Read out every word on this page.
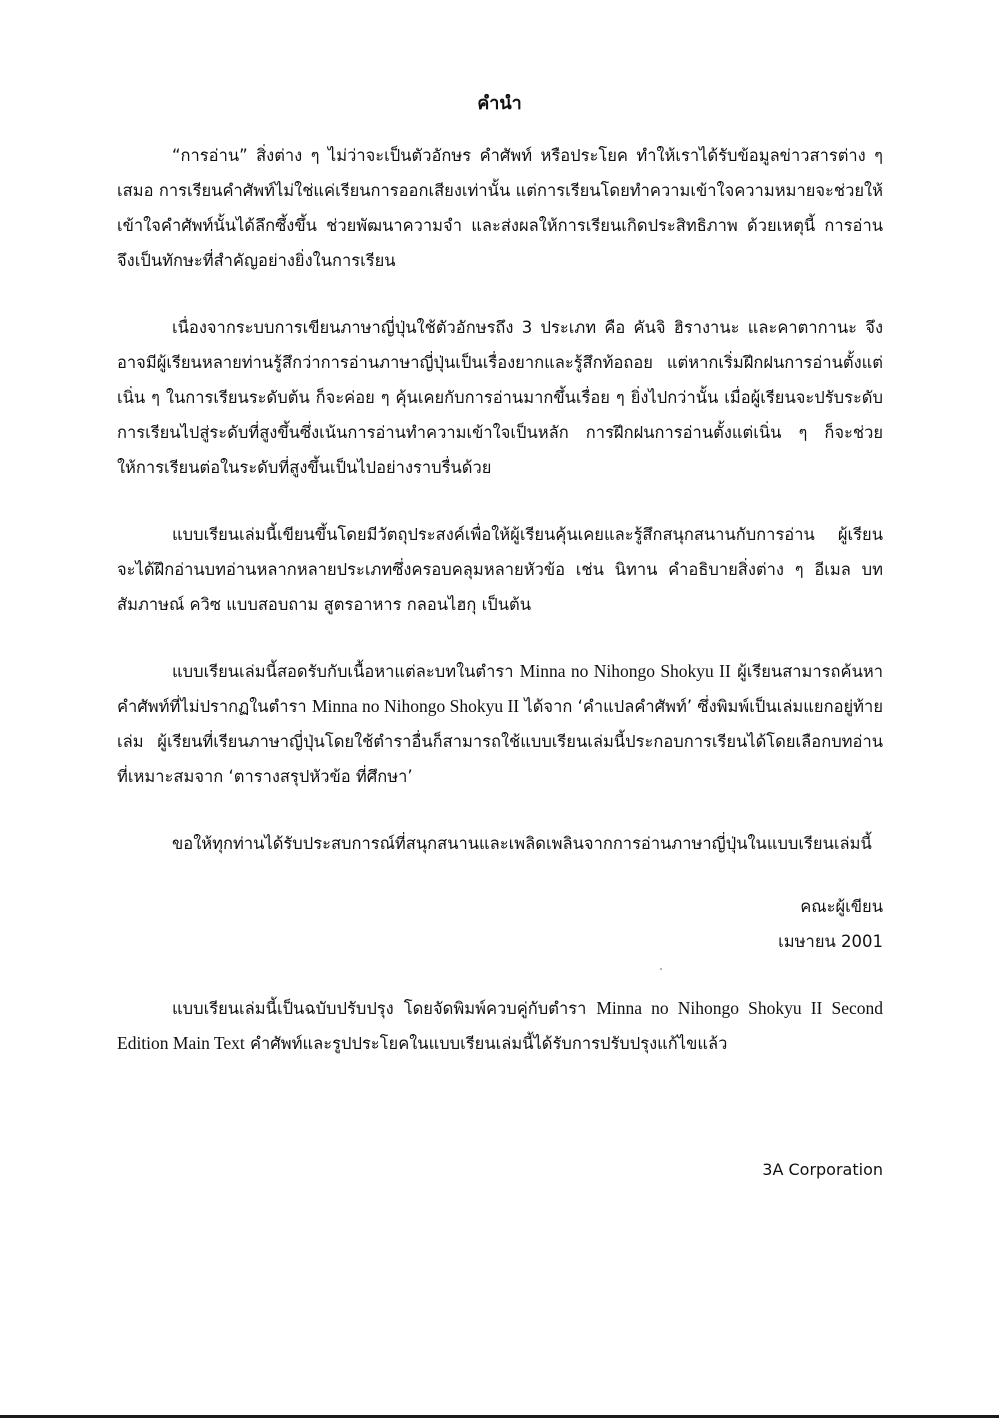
คำนำ

“การอ่าน” สิ่งต่าง ๆ ไม่ว่าจะเป็นตัวอักษร คำศัพท์ หรือประโยค ทำให้เราได้รับข้อมูลข่าวสารต่าง ๆ เสมอ การเรียนคำศัพท์ไม่ใช่แค่เรียนการออกเสียงเท่านั้น แต่การเรียนโดยทำความเข้าใจความหมายจะช่วยให้เข้าใจคำศัพท์นั้นได้ลึกซึ้งขึ้น ช่วยพัฒนาความจำ และส่งผลให้การเรียนเกิดประสิทธิภาพ ด้วยเหตุนี้ การอ่านจึงเป็นทักษะที่สำคัญอย่างยิ่งในการเรียน

เนื่องจากระบบการเขียนภาษาญี่ปุ่นใช้ตัวอักษรถึง 3 ประเภท คือ คันจิ ฮิรางานะ และคาตากานะ จึงอาจมีผู้เรียนหลายท่านรู้สึกว่าการอ่านภาษาญี่ปุ่นเป็นเรื่องยากและรู้สึกท้อถอย แต่หากเริ่มฝึกฝนการอ่านตั้งแต่เนิ่น ๆ ในการเรียนระดับต้น ก็จะค่อย ๆ คุ้นเคยกับการอ่านมากขึ้นเรื่อย ๆ ยิ่งไปกว่านั้น เมื่อผู้เรียนจะปรับระดับการเรียนไปสู่ระดับที่สูงขึ้นซึ่งเน้นการอ่านทำความเข้าใจเป็นหลัก การฝึกฝนการอ่านตั้งแต่เนิ่น ๆ ก็จะช่วยให้การเรียนต่อในระดับที่สูงขึ้นเป็นไปอย่างราบรื่นด้วย

แบบเรียนเล่มนี้เขียนขึ้นโดยมีวัตถุประสงค์เพื่อให้ผู้เรียนคุ้นเคยและรู้สึกสนุกสนานกับการอ่าน ผู้เรียนจะได้ฝึกอ่านบทอ่านหลากหลายประเภทซึ่งครอบคลุมหลายหัวข้อ เช่น นิทาน คำอธิบายสิ่งต่าง ๆ อีเมล บทสัมภาษณ์ ควิซ แบบสอบถาม สูตรอาหาร กลอนไฮกุ เป็นต้น

แบบเรียนเล่มนี้สอดรับกับเนื้อหาแต่ละบทในตำรา Minna no Nihongo Shokyu II ผู้เรียนสามารถค้นหาคำศัพท์ที่ไม่ปรากฏในตำรา Minna no Nihongo Shokyu II ได้จาก ‘คำแปลคำศัพท์’ ซึ่งพิมพ์เป็นเล่มแยกอยู่ท้ายเล่ม ผู้เรียนที่เรียนภาษาญี่ปุ่นโดยใช้ตำราอื่นก็สามารถใช้แบบเรียนเล่มนี้ประกอบการเรียนได้โดยเลือกบทอ่านที่เหมาะสมจาก ‘ตารางสรุปหัวข้อ ที่ศึกษา’

ขอให้ทุกท่านได้รับประสบการณ์ที่สนุกสนานและเพลิดเพลินจากการอ่านภาษาญี่ปุ่นในแบบเรียนเล่มนี้

คณะผู้เขียน
เมษายน 2001

แบบเรียนเล่มนี้เป็นฉบับปรับปรุง โดยจัดพิมพ์ควบคู่กับตำรา Minna no Nihongo Shokyu II Second Edition Main Text คำศัพท์และรูปประโยคในแบบเรียนเล่มนี้ได้รับการปรับปรุงแก้ไขแล้ว

3A Corporation
